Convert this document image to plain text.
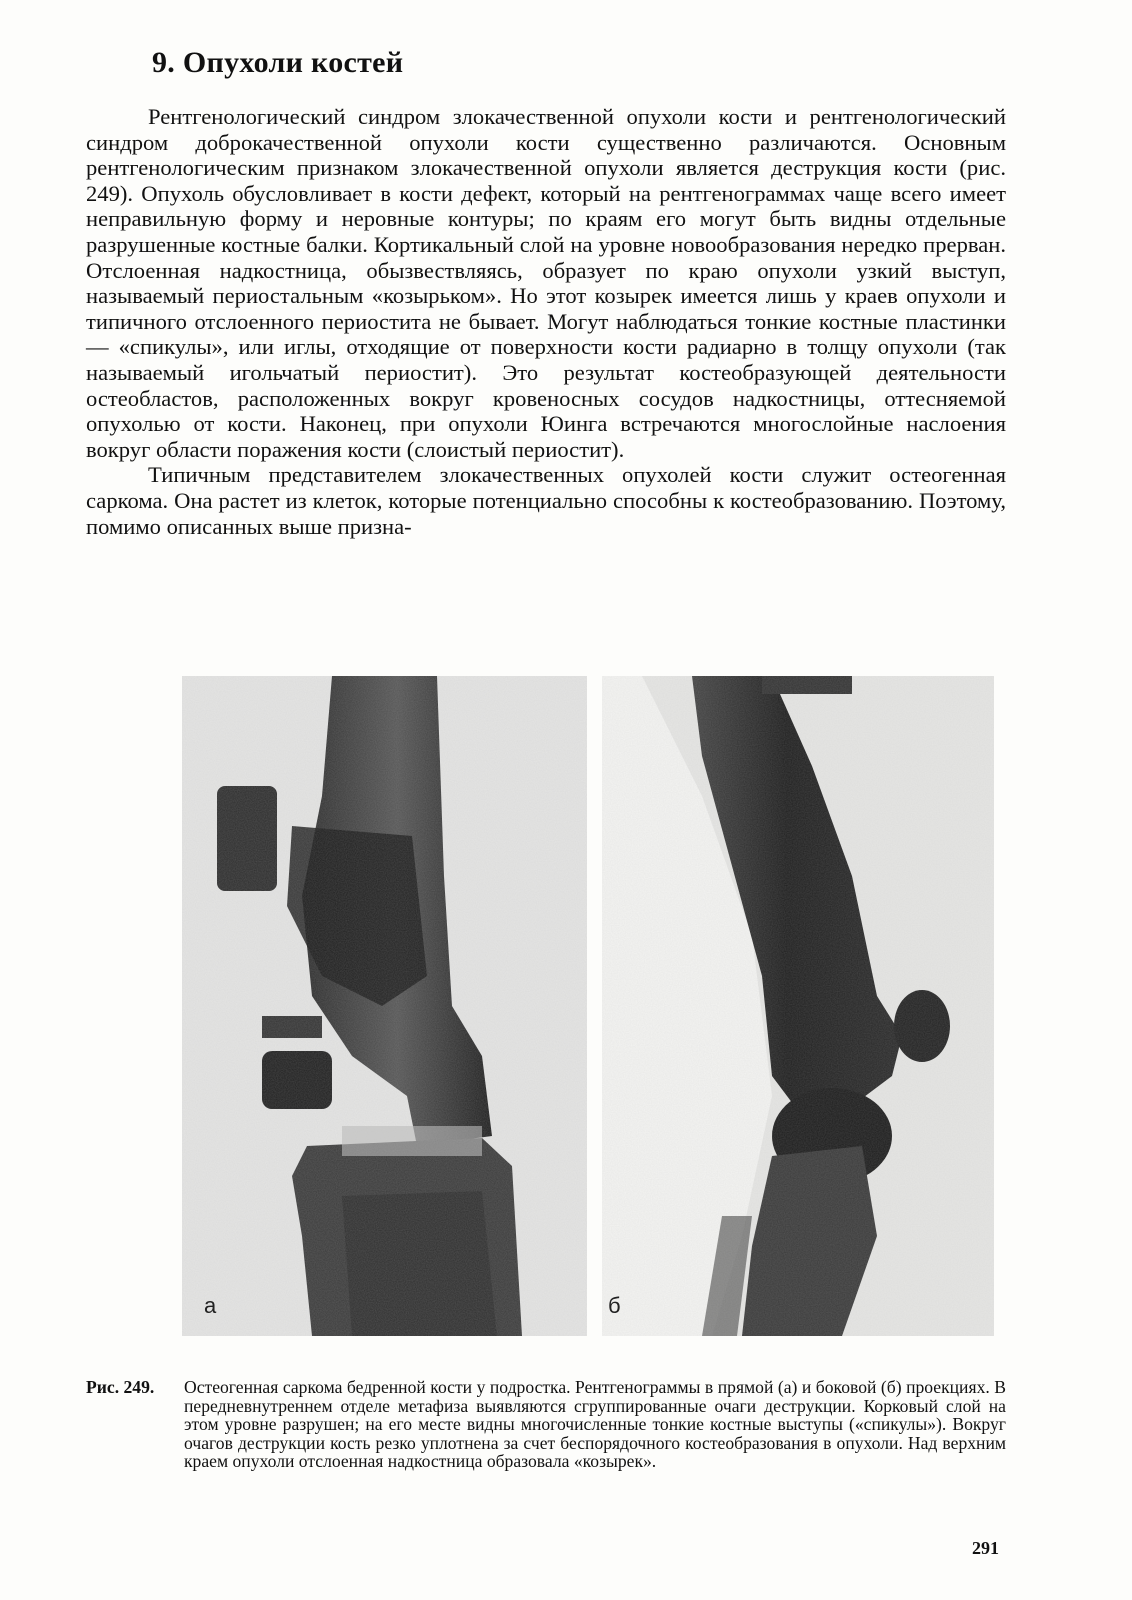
9. Опухоли костей

Рентгенологический синдром злокачественной опухоли кости и рентгенологический синдром доброкачественной опухоли кости существенно различаются. Основным рентгенологическим признаком злокачественной опухоли является деструкция кости (рис. 249). Опухоль обусловливает в кости дефект, который на рентгенограммах чаще всего имеет неправильную форму и неровные контуры; по краям его могут быть видны отдельные разрушенные костные балки. Кортикальный слой на уровне новообразования нередко прерван. Отслоенная надкостница, обызвествляясь, образует по краю опухоли узкий выступ, называемый периостальным «козырьком». Но этот козырек имеется лишь у краев опухоли и типичного отслоенного периостита не бывает. Могут наблюдаться тонкие костные пластинки — «спикулы», или иглы, отходящие от поверхности кости радиарно в толщу опухоли (так называемый игольчатый периостит). Это результат костеобразующей деятельности остеобластов, расположенных вокруг кровеносных сосудов надкостницы, оттесняемой опухолью от кости. Наконец, при опухоли Юинга встречаются многослойные наслоения вокруг области поражения кости (слоистый периостит).

Типичным представителем злокачественных опухолей кости служит остеогенная саркома. Она растет из клеток, которые потенциально способны к костеобразованию. Поэтому, помимо описанных выше призна-

а	б
Рис. 249. Остеогенная саркома бедренной кости у подростка. Рентгенограммы в прямой (а) и боковой (б) проекциях. В передневнутреннем отделе метафиза выявляются сгруппированные очаги деструкции. Корковый слой на этом уровне разрушен; на его месте видны многочисленные тонкие костные выступы («спикулы»). Вокруг очагов деструкции кость резко уплотнена за счет беспорядочного костеобразования в опухоли. Над верхним краем опухоли отслоенная надкостница образовала «козырек».
291
